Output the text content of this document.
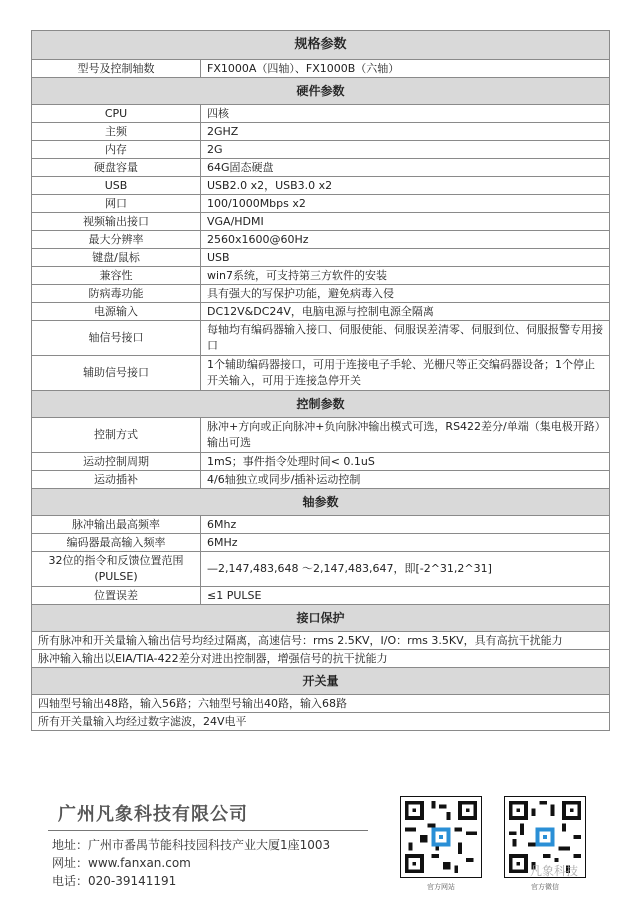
规格参数	
型号及控制轴数	FX1000A（四轴）、FX1000B（六轴）
硬件参数	
CPU	四核
主频	2GHZ
内存	2G
硬盘容量	64G固态硬盘
USB	USB2.0 x2，USB3.0 x2
网口	100/1000Mbps x2
视频输出接口	VGA/HDMI
最大分辨率	2560x1600@60Hz
键盘/鼠标	USB
兼容性	win7系统，可支持第三方软件的安装
防病毒功能	具有强大的写保护功能，避免病毒入侵
电源输入	DC12V&DC24V，电脑电源与控制电源全隔离
轴信号接口	每轴均有编码器输入接口、伺服使能、伺服误差清零、伺服到位、伺服报警专用接口
辅助信号接口	1个辅助编码器接口，可用于连接电子手轮、光栅尺等正交编码器设备；1个停止开关输入，可用于连接急停开关
控制参数	
控制方式	脉冲+方向或正向脉冲+负向脉冲输出模式可选，RS422差分/单端（集电极开路）输出可选
运动控制周期	1mS；事件指令处理时间< 0.1uS
运动插补	4/6轴独立或同步/插补运动控制
轴参数	
脉冲输出最高频率	6Mhz
编码器最高输入频率	6MHz
32位的指令和反馈位置范围(PULSE)	—2,147,483,648 ～2,147,483,647，即[-2^31,2^31]
位置误差	≤1 PULSE
接口保护	
所有脉冲和开关量输入输出信号均经过隔离，高速信号：rms 2.5KV，I/O：rms 3.5KV，具有高抗干扰能力	
脉冲输入输出以EIA/TIA-422差分对进出控制器，增强信号的抗干扰能力	
开关量	
四轴型号输出48路，输入56路；六轴型号输出40路，输入68路	
所有开关量输入均经过数字滤波，24V电平	
广州凡象科技有限公司
地址：广州市番禺节能科技园科技产业大厦1座1003
网址：www.fanxan.com
电话：020-39141191	官方网站	官方微信
凡象科技
